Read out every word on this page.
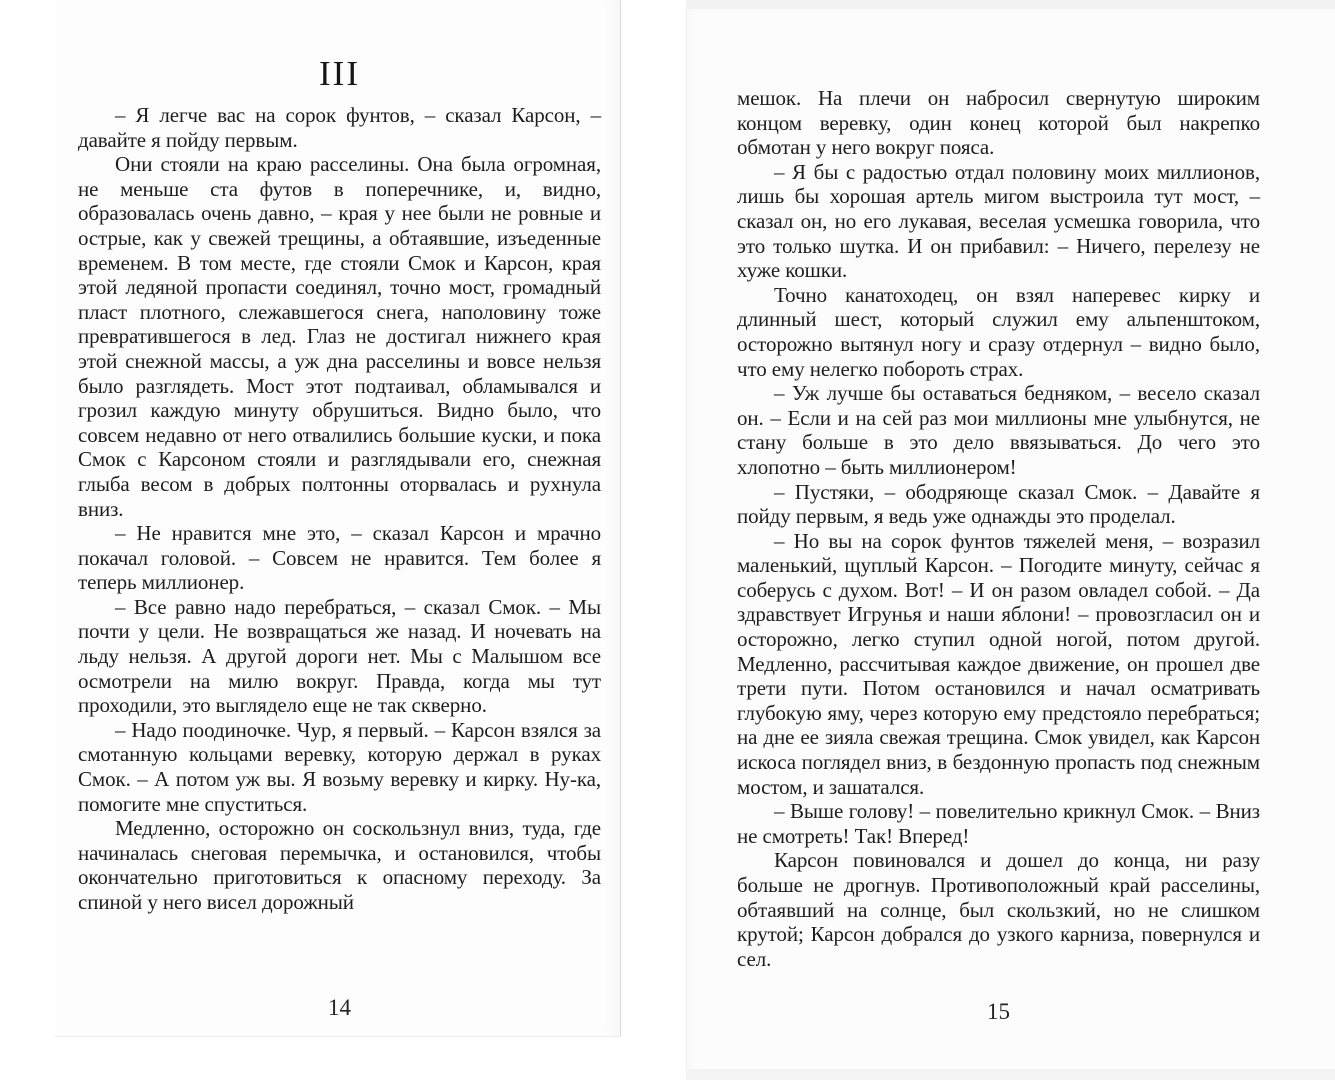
III

– Я легче вас на сорок фунтов, – сказал Карсон, – давайте я пойду первым.

Они стояли на краю расселины. Она была огромная, не меньше ста футов в поперечнике, и, видно, образовалась очень давно, – края у нее были не ровные и острые, как у свежей трещины, а обтаявшие, изъеденные временем. В том месте, где стояли Смок и Карсон, края этой ледяной пропасти соединял, точно мост, громадный пласт плотного, слежавшегося снега, наполовину тоже превратившегося в лед. Глаз не достигал нижнего края этой снежной массы, а уж дна расселины и вовсе нельзя было разглядеть. Мост этот подтаивал, обламывался и грозил каждую минуту обрушиться. Видно было, что совсем недавно от него отвалились большие куски, и пока Смок с Карсоном стояли и разглядывали его, снежная глыба весом в добрых полтонны оторвалась и рухнула вниз.

– Не нравится мне это, – сказал Карсон и мрачно покачал головой. – Совсем не нравится. Тем более я теперь миллионер.

– Все равно надо перебраться, – сказал Смок. – Мы почти у цели. Не возвращаться же назад. И ночевать на льду нельзя. А другой дороги нет. Мы с Малышом все осмотрели на милю вокруг. Правда, когда мы тут проходили, это выглядело еще не так скверно.

– Надо поодиночке. Чур, я первый. – Карсон взялся за смотанную кольцами веревку, которую держал в руках Смок. – А потом уж вы. Я возьму веревку и кирку. Ну-ка, помогите мне спуститься.

Медленно, осторожно он соскользнул вниз, туда, где начиналась снеговая перемычка, и остановился, чтобы окончательно приготовиться к опасному переходу. За спиной у него висел дорожный

мешок. На плечи он набросил свернутую широким концом веревку, один конец которой был накрепко обмотан у него вокруг пояса.

– Я бы с радостью отдал половину моих миллионов, лишь бы хорошая артель мигом выстроила тут мост, – сказал он, но его лукавая, веселая усмешка говорила, что это только шутка. И он прибавил: – Ничего, перелезу не хуже кошки.

Точно канатоходец, он взял наперевес кирку и длинный шест, который служил ему альпенштоком, осторожно вытянул ногу и сразу отдернул – видно было, что ему нелегко побороть страх.

– Уж лучше бы оставаться бедняком, – весело сказал он. – Если и на сей раз мои миллионы мне улыбнутся, не стану больше в это дело ввязываться. До чего это хлопотно – быть миллионером!

– Пустяки, – ободряюще сказал Смок. – Давайте я пойду первым, я ведь уже однажды это проделал.

– Но вы на сорок фунтов тяжелей меня, – возразил маленький, щуплый Карсон. – Погодите минуту, сейчас я соберусь с духом. Вот! – И он разом овладел собой. – Да здравствует Игрунья и наши яблони! – провозгласил он и осторожно, легко ступил одной ногой, потом другой. Медленно, рассчитывая каждое движение, он прошел две трети пути. Потом остановился и начал осматривать глубокую яму, через которую ему предстояло перебраться; на дне ее зияла свежая трещина. Смок увидел, как Карсон искоса поглядел вниз, в бездонную пропасть под снежным мостом, и зашатался.

– Выше голову! – повелительно крикнул Смок. – Вниз не смотреть! Так! Вперед!

Карсон повиновался и дошел до конца, ни разу больше не дрогнув. Противоположный край расселины, обтаявший на солнце, был скользкий, но не слишком крутой; Карсон добрался до узкого карниза, повернулся и сел.

14	15
